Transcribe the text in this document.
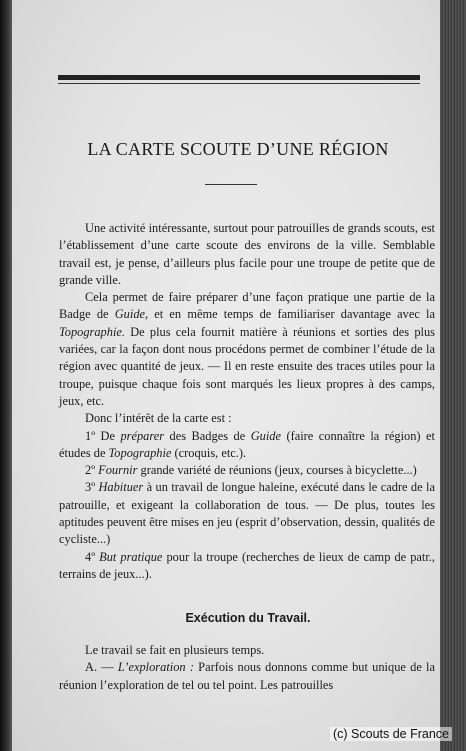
LA CARTE SCOUTE D’UNE RÉGION

Une activité intéressante, surtout pour patrouilles de grands scouts, est l’établissement d’une carte scoute des environs de la ville. Semblable travail est, je pense, d’ailleurs plus facile pour une troupe de petite que de grande ville.

Cela permet de faire préparer d’une façon pratique une partie de la Badge de Guide, et en même temps de familiariser davantage avec la Topographie. De plus cela fournit matière à réunions et sorties des plus variées, car la façon dont nous procédons permet de combiner l’étude de la région avec quantité de jeux. — Il en reste ensuite des traces utiles pour la troupe, puisque chaque fois sont marqués les lieux propres à des camps, jeux, etc.

Donc l’intérêt de la carte est :

1º De préparer des Badges de Guide (faire connaître la région) et études de Topographie (croquis, etc.).

2º Fournir grande variété de réunions (jeux, courses à bicyclette...)

3º Habituer à un travail de longue haleine, exécuté dans le cadre de la patrouille, et exigeant la collaboration de tous. — De plus, toutes les aptitudes peuvent être mises en jeu (esprit d’observation, dessin, qualités de cycliste...)

4º But pratique pour la troupe (recherches de lieux de camp de patr., terrains de jeux...).

Exécution du Travail.

Le travail se fait en plusieurs temps.

A. — L’exploration : Parfois nous donnons comme but unique de la réunion l’exploration de tel ou tel point. Les patrouilles

(c) Scouts de France
